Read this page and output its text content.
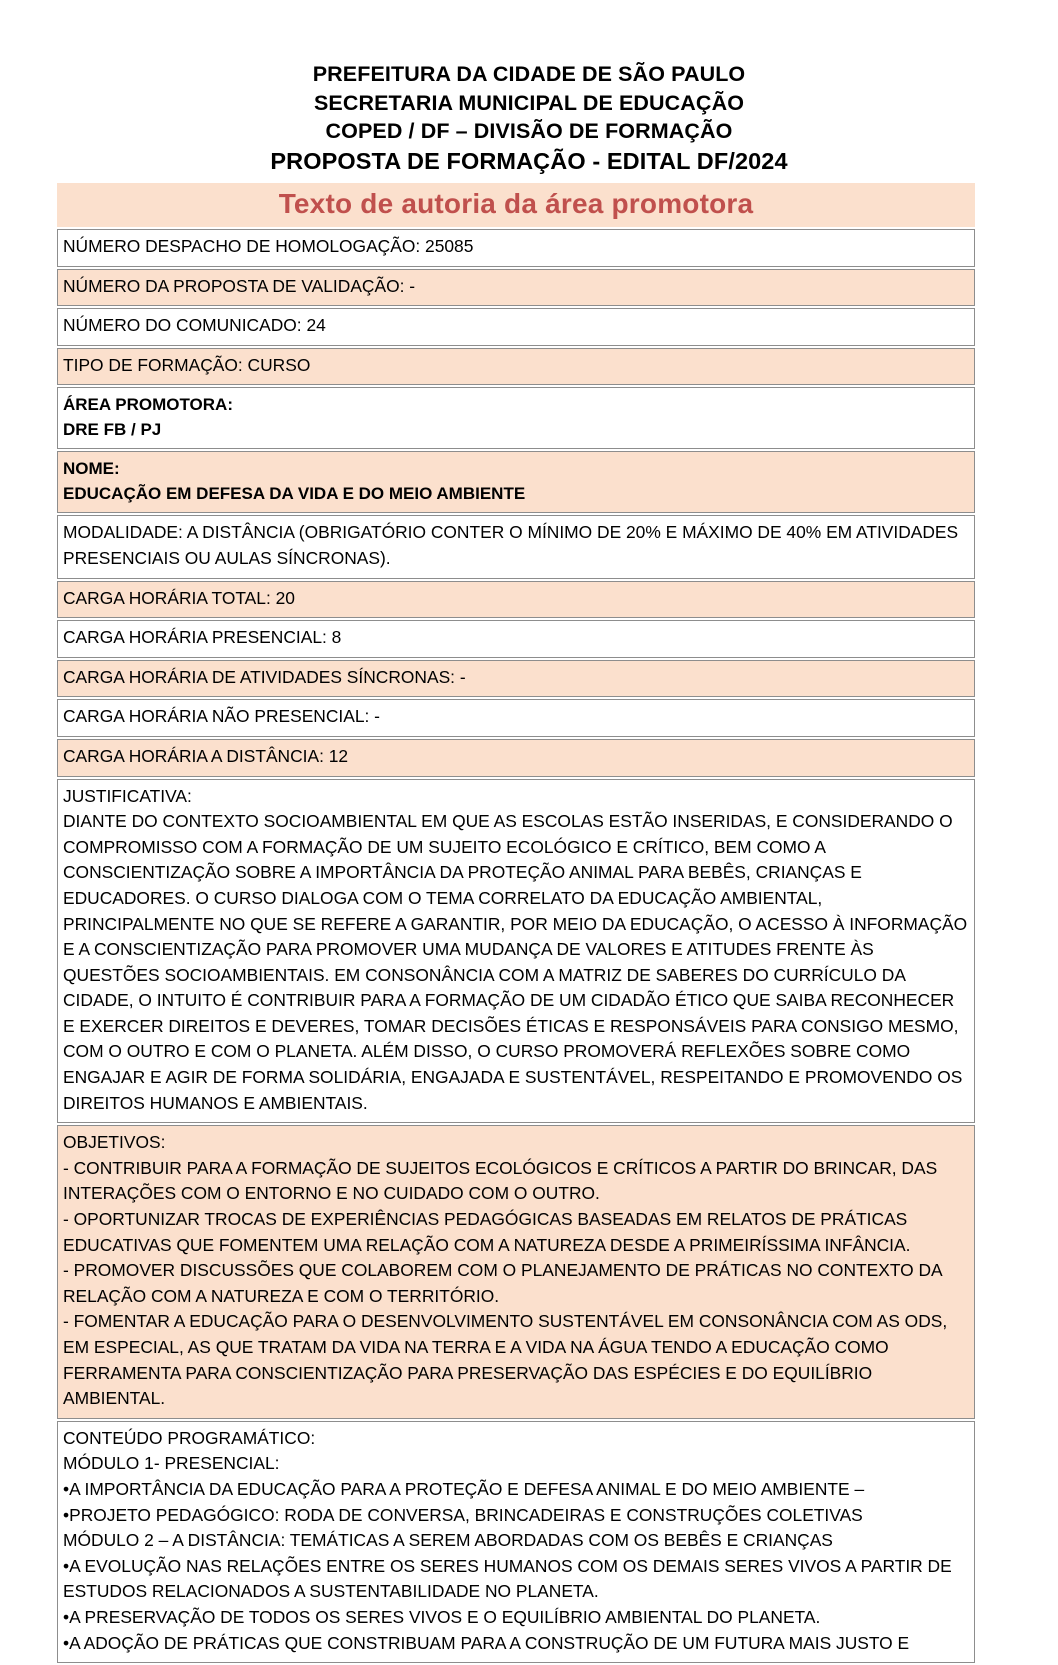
PREFEITURA DA CIDADE DE SÃO PAULO
SECRETARIA MUNICIPAL DE EDUCAÇÃO
COPED / DF – DIVISÃO DE FORMAÇÃO
PROPOSTA DE FORMAÇÃO - EDITAL DF/2024
Texto de autoria da área promotora

NÚMERO DESPACHO DE HOMOLOGAÇÃO: 25085
NÚMERO DA PROPOSTA DE VALIDAÇÃO: -
NÚMERO DO COMUNICADO: 24
TIPO DE FORMAÇÃO: CURSO

ÁREA PROMOTORA:
DRE FB / PJ

NOME:
EDUCAÇÃO EM DEFESA DA VIDA E DO MEIO AMBIENTE

MODALIDADE: A DISTÂNCIA (OBRIGATÓRIO CONTER O MÍNIMO DE 20% E MÁXIMO DE 40% EM ATIVIDADES PRESENCIAIS OU AULAS SÍNCRONAS).
CARGA HORÁRIA TOTAL: 20
CARGA HORÁRIA PRESENCIAL: 8
CARGA HORÁRIA DE ATIVIDADES SÍNCRONAS: -
CARGA HORÁRIA NÃO PRESENCIAL: -
CARGA HORÁRIA A DISTÂNCIA: 12

JUSTIFICATIVA:
DIANTE DO CONTEXTO SOCIOAMBIENTAL EM QUE AS ESCOLAS ESTÃO INSERIDAS, E CONSIDERANDO O COMPROMISSO COM A FORMAÇÃO DE UM SUJEITO ECOLÓGICO E CRÍTICO, BEM COMO A CONSCIENTIZAÇÃO SOBRE A IMPORTÂNCIA DA PROTEÇÃO ANIMAL PARA BEBÊS, CRIANÇAS E EDUCADORES. O CURSO DIALOGA COM O TEMA CORRELATO DA EDUCAÇÃO AMBIENTAL, PRINCIPALMENTE NO QUE SE REFERE A GARANTIR, POR MEIO DA EDUCAÇÃO, O ACESSO À INFORMAÇÃO E A CONSCIENTIZAÇÃO PARA PROMOVER UMA MUDANÇA DE VALORES E ATITUDES FRENTE ÀS QUESTÕES SOCIOAMBIENTAIS. EM CONSONÂNCIA COM A MATRIZ DE SABERES DO CURRÍCULO DA CIDADE, O INTUITO É CONTRIBUIR PARA A FORMAÇÃO DE UM CIDADÃO ÉTICO QUE SAIBA RECONHECER E EXERCER DIREITOS E DEVERES, TOMAR DECISÕES ÉTICAS E RESPONSÁVEIS PARA CONSIGO MESMO, COM O OUTRO E COM O PLANETA. ALÉM DISSO, O CURSO PROMOVERÁ REFLEXÕES SOBRE COMO ENGAJAR E AGIR DE FORMA SOLIDÁRIA, ENGAJADA E SUSTENTÁVEL, RESPEITANDO E PROMOVENDO OS DIREITOS HUMANOS E AMBIENTAIS.

OBJETIVOS:
- CONTRIBUIR PARA A FORMAÇÃO DE SUJEITOS ECOLÓGICOS E CRÍTICOS A PARTIR DO BRINCAR, DAS INTERAÇÕES COM O ENTORNO E NO CUIDADO COM O OUTRO.
- OPORTUNIZAR TROCAS DE EXPERIÊNCIAS PEDAGÓGICAS BASEADAS EM RELATOS DE PRÁTICAS EDUCATIVAS QUE FOMENTEM UMA RELAÇÃO COM A NATUREZA DESDE A PRIMEIRÍSSIMA INFÂNCIA.
- PROMOVER DISCUSSÕES QUE COLABOREM COM O PLANEJAMENTO DE PRÁTICAS NO CONTEXTO DA RELAÇÃO COM A NATUREZA E COM O TERRITÓRIO.
- FOMENTAR A EDUCAÇÃO PARA O DESENVOLVIMENTO SUSTENTÁVEL EM CONSONÂNCIA COM AS ODS, EM ESPECIAL, AS QUE TRATAM DA VIDA NA TERRA E A VIDA NA ÁGUA TENDO A EDUCAÇÃO COMO FERRAMENTA PARA CONSCIENTIZAÇÃO PARA PRESERVAÇÃO DAS ESPÉCIES E DO EQUILÍBRIO AMBIENTAL.

CONTEÚDO PROGRAMÁTICO:
MÓDULO 1- PRESENCIAL:
•A IMPORTÂNCIA DA EDUCAÇÃO PARA A PROTEÇÃO E DEFESA ANIMAL E DO MEIO AMBIENTE –
•PROJETO PEDAGÓGICO: RODA DE CONVERSA, BRINCADEIRAS E CONSTRUÇÕES COLETIVAS
MÓDULO 2 – A DISTÂNCIA: TEMÁTICAS A SEREM ABORDADAS COM OS BEBÊS E CRIANÇAS
•A EVOLUÇÃO NAS RELAÇÕES ENTRE OS SERES HUMANOS COM OS DEMAIS SERES VIVOS A PARTIR DE ESTUDOS RELACIONADOS A SUSTENTABILIDADE NO PLANETA.
•A PRESERVAÇÃO DE TODOS OS SERES VIVOS E O EQUILÍBRIO AMBIENTAL DO PLANETA.
•A ADOÇÃO DE PRÁTICAS QUE CONSTRIBUAM PARA A CONSTRUÇÃO DE UM FUTURA MAIS JUSTO E
